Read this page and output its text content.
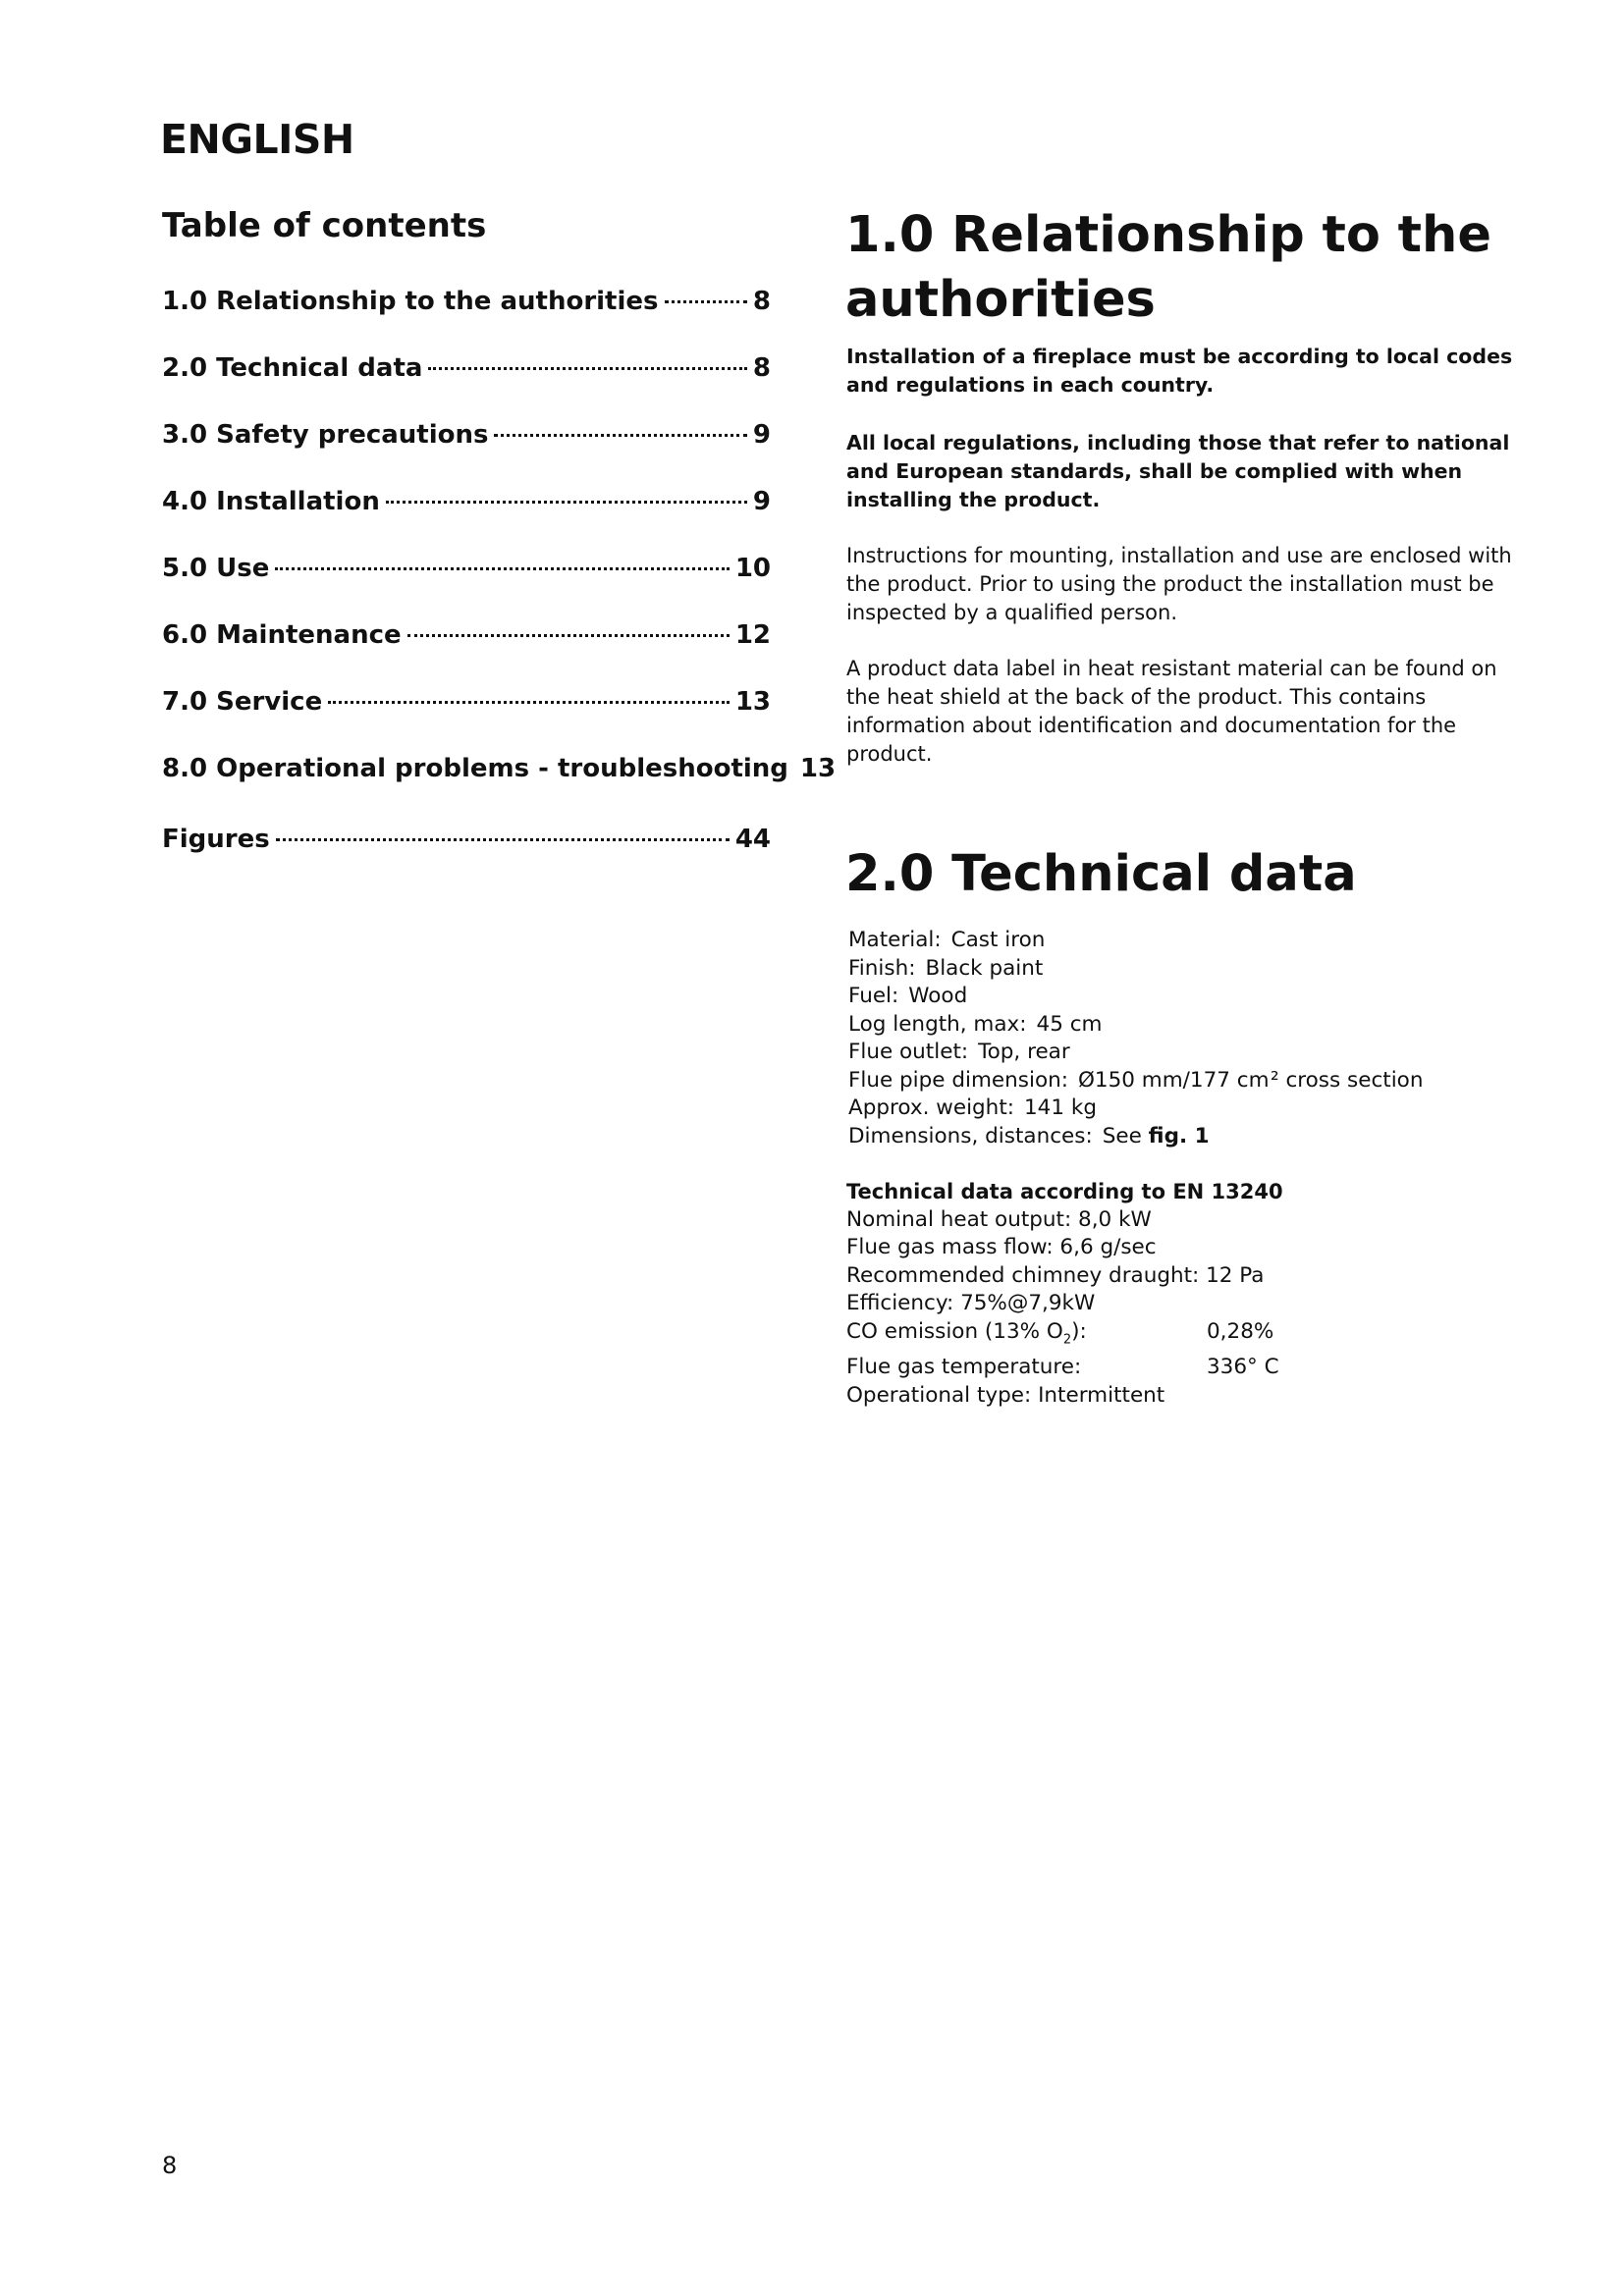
ENGLISH
Table of contents
1.0 Relationship to the authorities	8
2.0 Technical data	8
3.0 Safety precautions	9
4.0 Installation	9
5.0 Use	10
6.0 Maintenance	12
7.0 Service	13
8.0 Operational problems - troubleshooting 13
Figures	44
1.0 Relationship to the
authorities

Installation of a fireplace must be according to local codes and regulations in each country.

All local regulations, including those that refer to national and European standards, shall be complied with when installing the product.

Instructions for mounting, installation and use are enclosed with the product. Prior to using the product the installation must be inspected by a qualified person.

A product data label in heat resistant material can be found on the heat shield at the back of the product. This contains information about identification and documentation for the product.

2.0 Technical data
Material: Cast iron
Finish: Black paint
Fuel: Wood
Log length, max: 45 cm
Flue outlet: Top, rear
Flue pipe dimension: Ø150 mm/177 cm ² cross section
Approx. weight: 141 kg
Dimensions, distances: See fig. 1
Technical data according to EN 13240
Nominal heat output: 8,0 kW
Flue gas mass flow: 6,6 g/sec
Recommended chimney draught: 12 Pa
Efficiency: 75%@7,9kW
CO emission (13% $O_2$):	0,28%
Flue gas temperature:	336° C
Operational type: Intermittent
8
